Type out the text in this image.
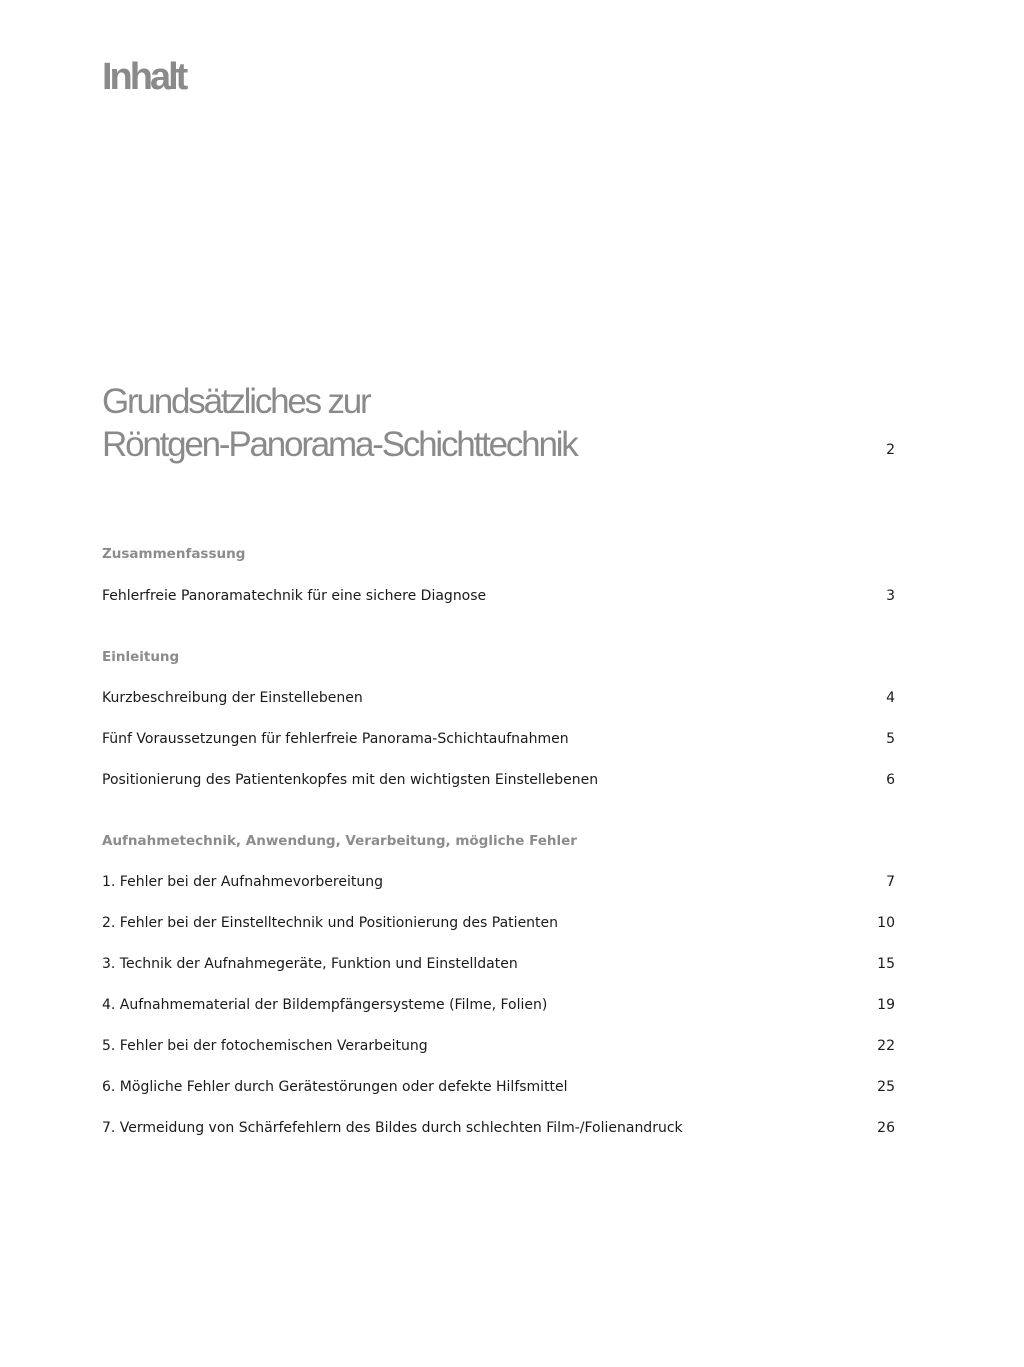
Inhalt
Grundsätzliches zur
Röntgen-Panorama-Schichttechnik	2
Zusammenfassung
Fehlerfreie Panoramatechnik für eine sichere Diagnose	3
Einleitung
Kurzbeschreibung der Einstellebenen	4
Fünf Voraussetzungen für fehlerfreie Panorama-Schichtaufnahmen	5
Positionierung des Patientenkopfes mit den wichtigsten Einstellebenen	6
Aufnahmetechnik, Anwendung, Verarbeitung, mögliche Fehler
1. Fehler bei der Aufnahmevorbereitung	7
2. Fehler bei der Einstelltechnik und Positionierung des Patienten	10
3. Technik der Aufnahmegeräte, Funktion und Einstelldaten	15
4. Aufnahmematerial der Bildempfängersysteme (Filme, Folien)	19
5. Fehler bei der fotochemischen Verarbeitung	22
6. Mögliche Fehler durch Gerätestörungen oder defekte Hilfsmittel	25
7. Vermeidung von Schärfefehlern des Bildes durch schlechten Film-/Folienandruck	26
